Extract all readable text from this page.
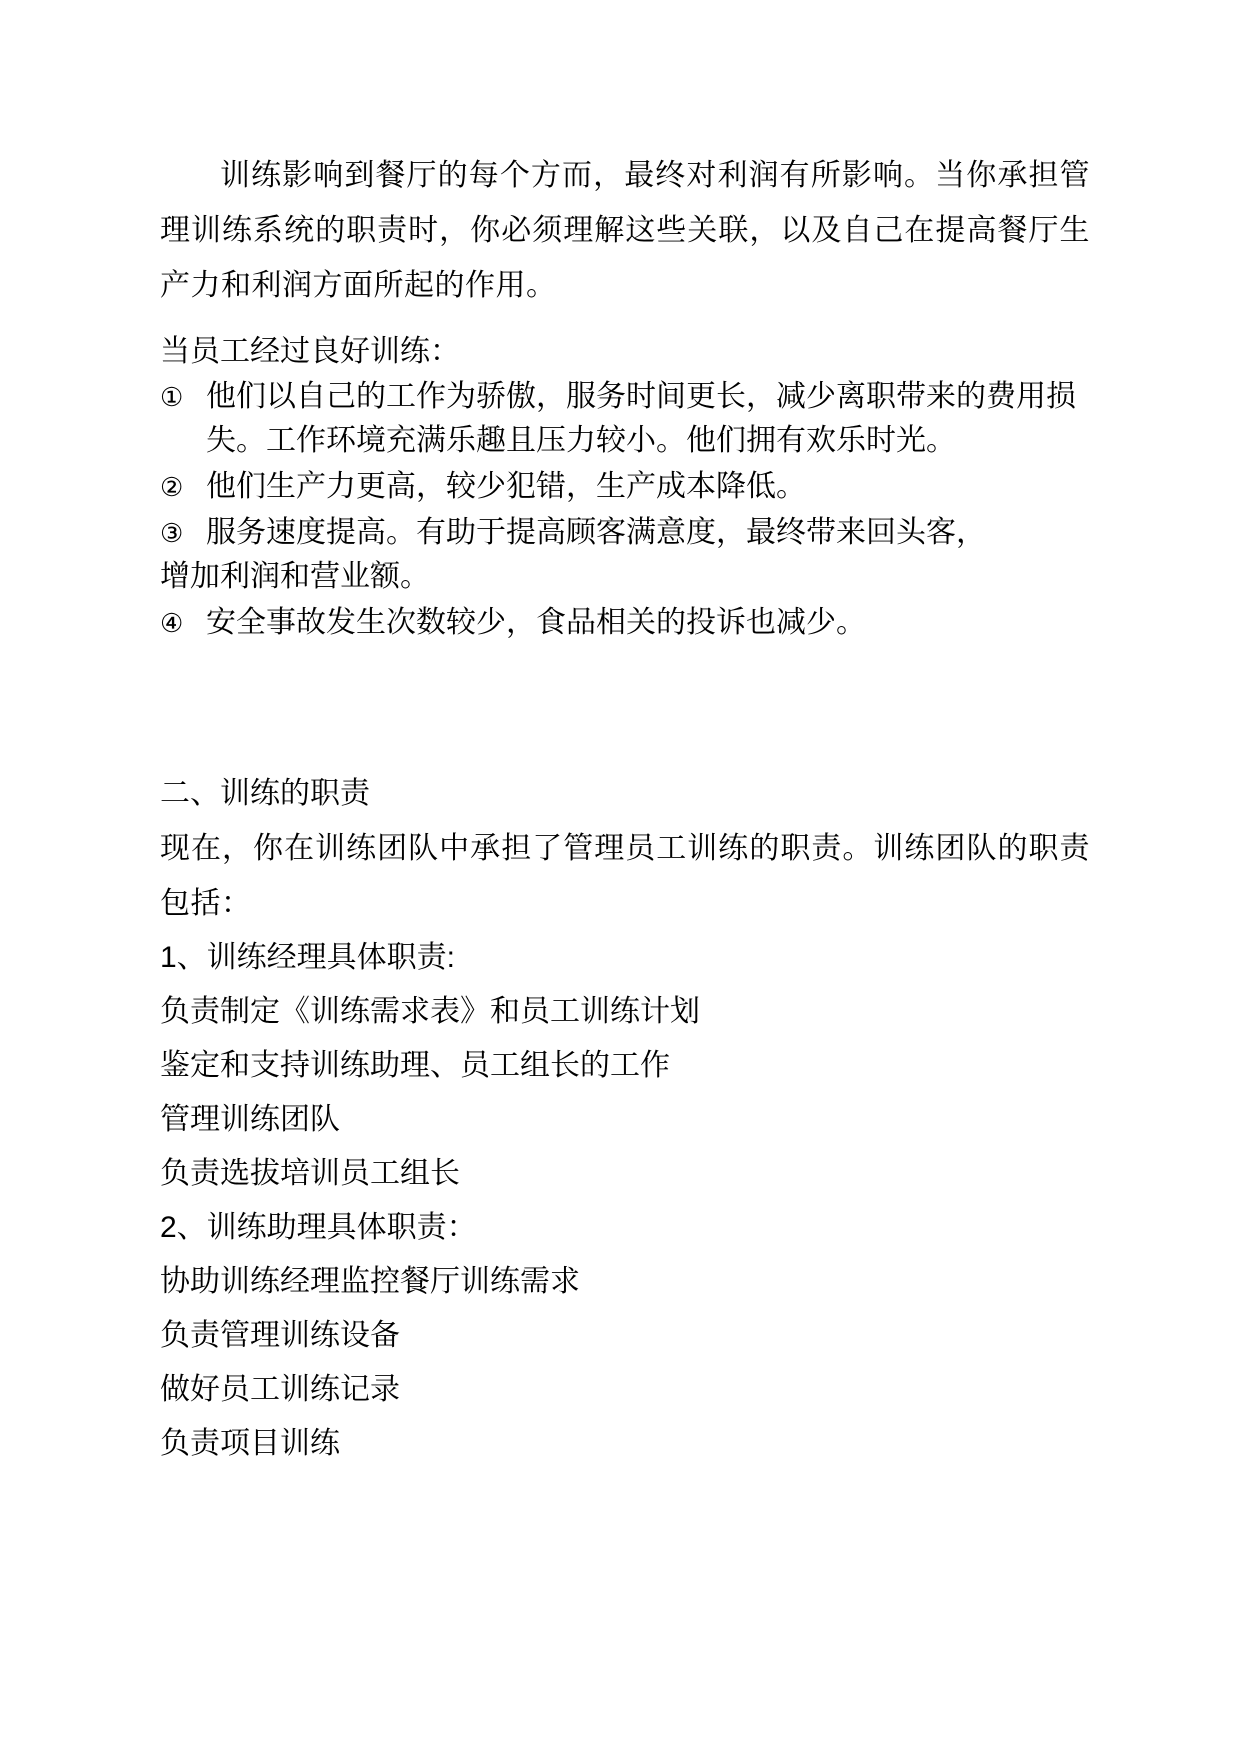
训练影响到餐厅的每个方而，最终对利润有所影响。当你承担管理训练系统的职责时，你必须理解这些关联，以及自己在提高餐厅生产力和利润方面所起的作用。

当员工经过良好训练：

① 他们以自己的工作为骄傲，服务时间更长，减少离职带来的费用损失。工作环境充满乐趣且压力较小。他们拥有欢乐时光。
② 他们生产力更高，较少犯错，生产成本降低。
③ 服务速度提高。有助于提高顾客满意度，最终带来回头客，
增加利润和营业额。
④ 安全事故发生次数较少，食品相关的投诉也减少。

二、训练的职责

现在，你在训练团队中承担了管理员工训练的职责。训练团队的职责包括：

1、训练经理具体职责:

负责制定《训练需求表》和员工训练计划

鉴定和支持训练助理、员工组长的工作

管理训练团队

负责选拔培训员工组长

2、训练助理具体职责：

协助训练经理监控餐厅训练需求

负责管理训练设备

做好员工训练记录

负责项目训练
